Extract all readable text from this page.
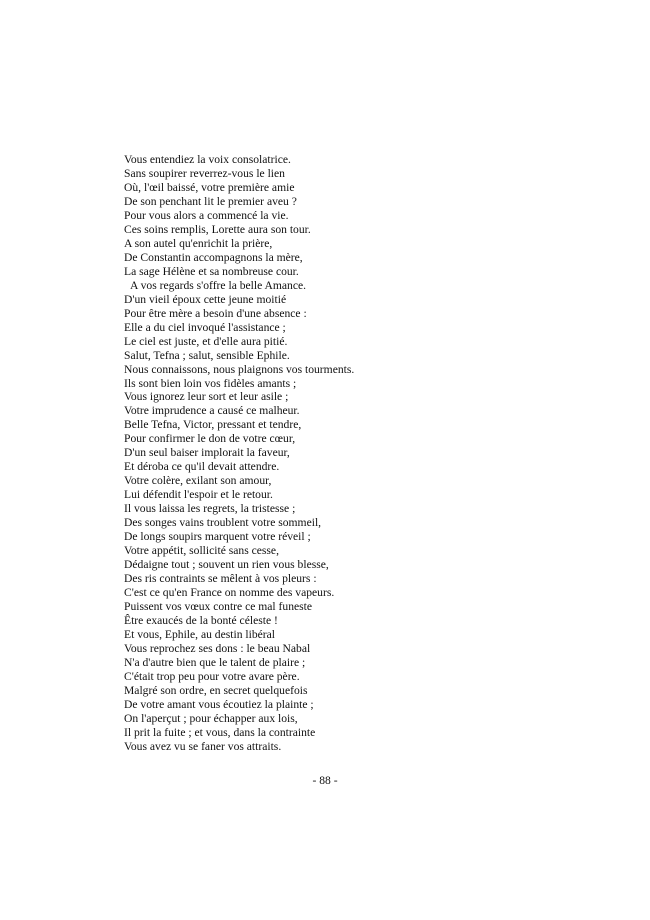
Vous entendiez la voix consolatrice.
Sans soupirer reverrez-vous le lien
Où, l'œil baissé, votre première amie
De son penchant lit le premier aveu ?
Pour vous alors a commencé la vie.
Ces soins remplis, Lorette aura son tour.
A son autel qu'enrichit la prière,
De Constantin accompagnons la mère,
La sage Hélène et sa nombreuse cour.
A vos regards s'offre la belle Amance.
D'un vieil époux cette jeune moitié
Pour être mère a besoin d'une absence :
Elle a du ciel invoqué l'assistance ;
Le ciel est juste, et d'elle aura pitié.
Salut, Tefna ; salut, sensible Ephile.
Nous connaissons, nous plaignons vos tourments.
Ils sont bien loin vos fidèles amants ;
Vous ignorez leur sort et leur asile ;
Votre imprudence a causé ce malheur.
Belle Tefna, Victor, pressant et tendre,
Pour confirmer le don de votre cœur,
D'un seul baiser implorait la faveur,
Et déroba ce qu'il devait attendre.
Votre colère, exilant son amour,
Lui défendit l'espoir et le retour.
Il vous laissa les regrets, la tristesse ;
Des songes vains troublent votre sommeil,
De longs soupirs marquent votre réveil ;
Votre appétit, sollicité sans cesse,
Dédaigne tout ; souvent un rien vous blesse,
Des ris contraints se mêlent à vos pleurs :
C'est ce qu'en France on nomme des vapeurs.
Puissent vos vœux contre ce mal funeste
Être exaucés de la bonté céleste !
Et vous, Ephile, au destin libéral
Vous reprochez ses dons : le beau Nabal
N'a d'autre bien que le talent de plaire ;
C'était trop peu pour votre avare père.
Malgré son ordre, en secret quelquefois
De votre amant vous écoutiez la plainte ;
On l'aperçut ; pour échapper aux lois,
Il prit la fuite ; et vous, dans la contrainte
Vous avez vu se faner vos attraits.
- 88 -
